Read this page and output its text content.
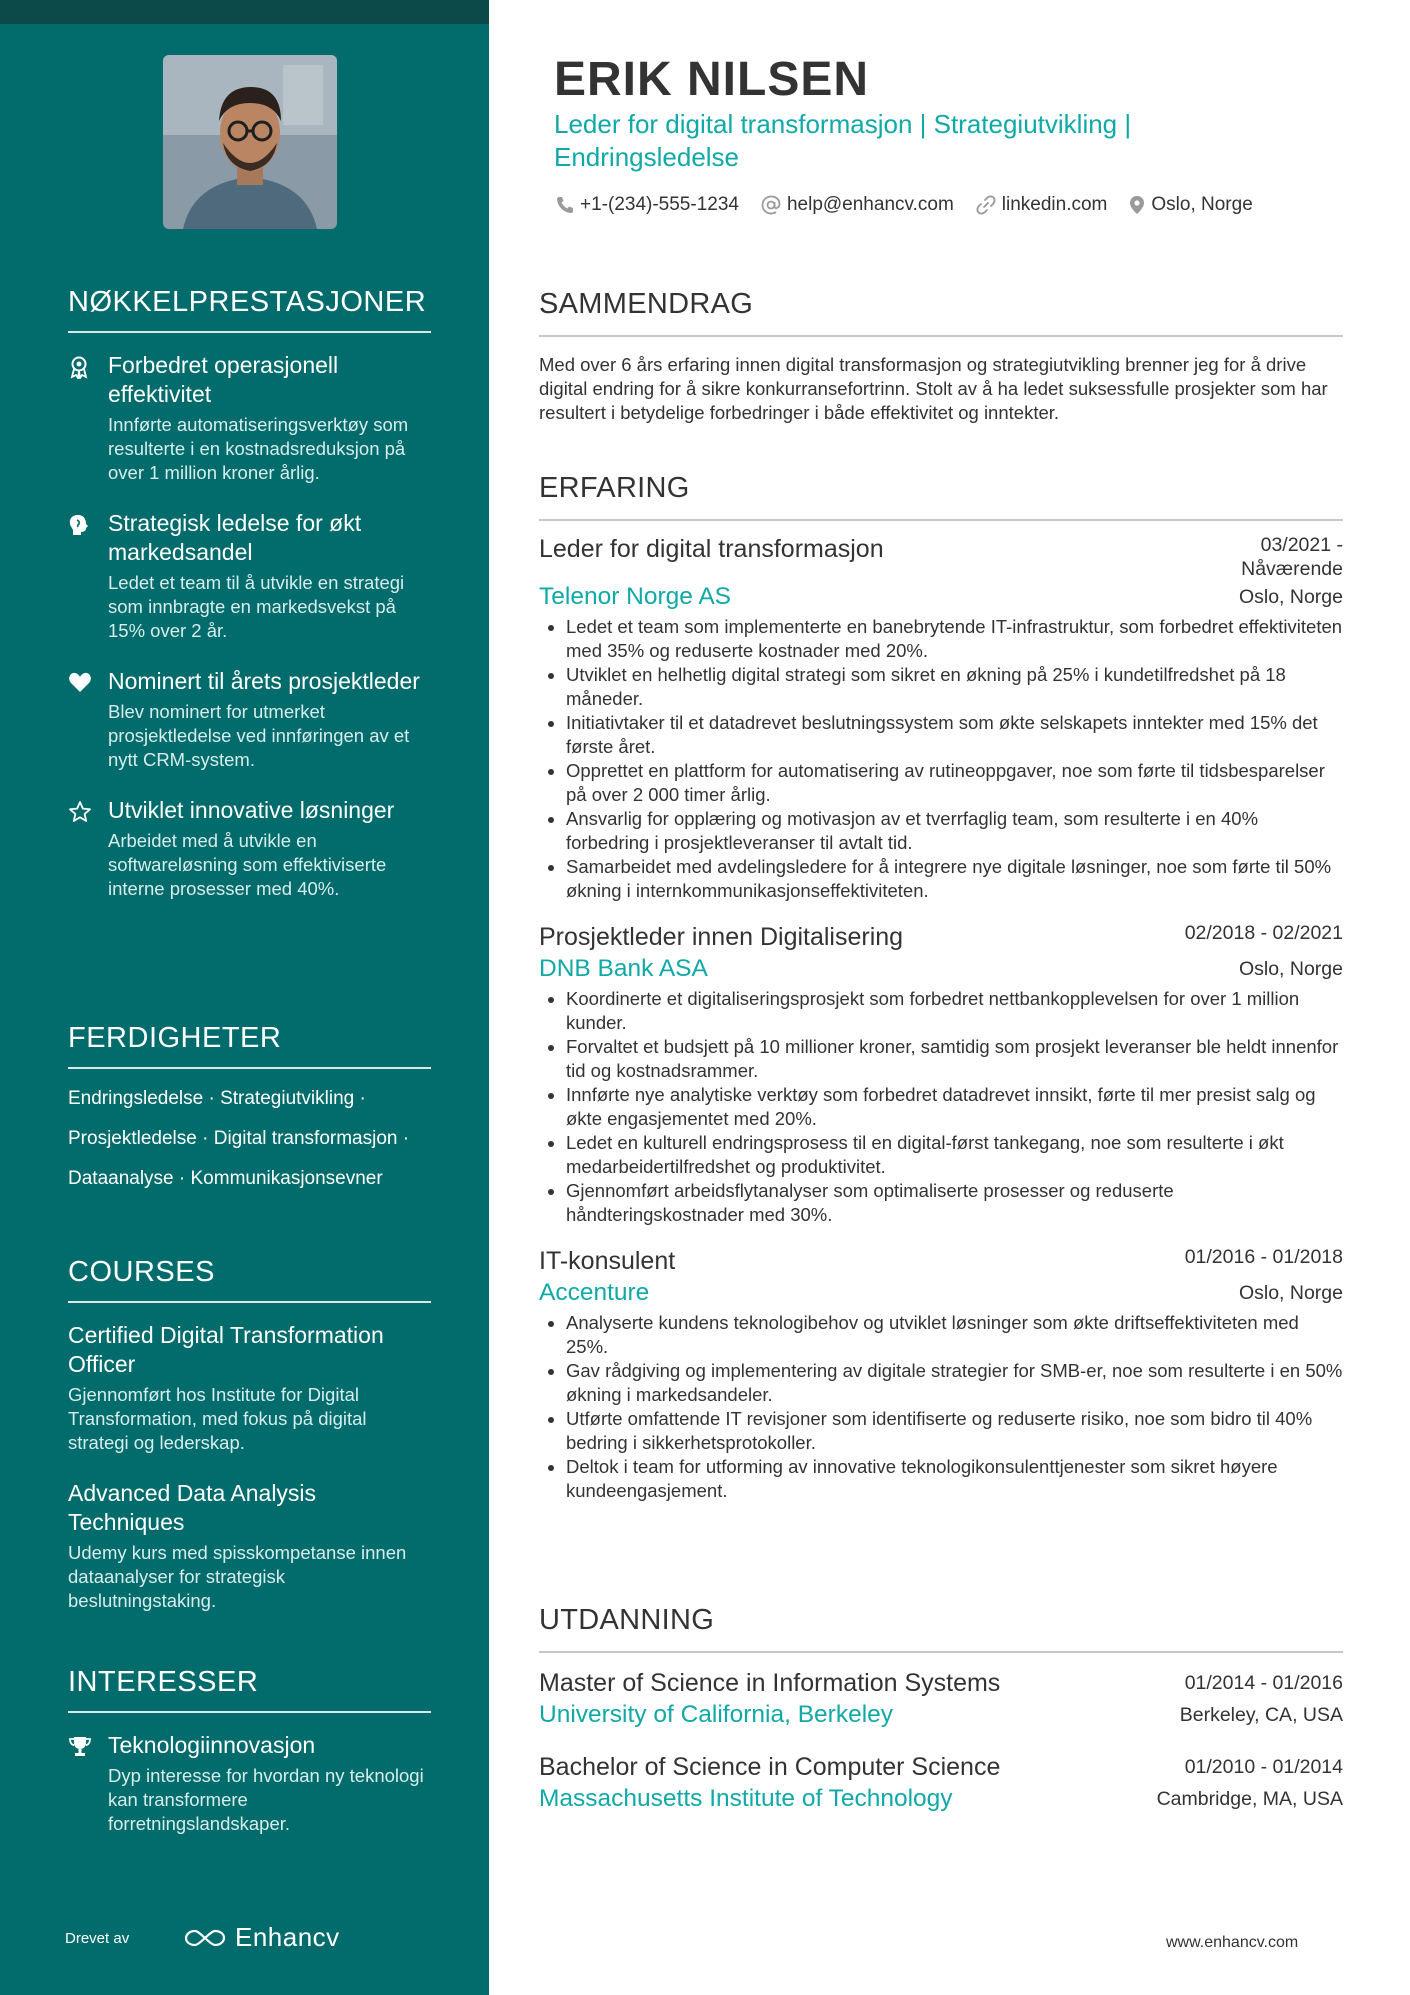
NØKKELPRESTASJONER
Forbedret operasjonell effektivitet
Innførte automatiseringsverktøy som resulterte i en kostnadsreduksjon på over 1 million kroner årlig.
Strategisk ledelse for økt markedsandel
Ledet et team til å utvikle en strategi som innbragte en markedsvekst på 15% over 2 år.
Nominert til årets prosjektleder
Blev nominert for utmerket prosjektledelse ved innføringen av et nytt CRM-system.
Utviklet innovative løsninger
Arbeidet med å utvikle en softwareløsning som effektiviserte interne prosesser med 40%.
FERDIGHETER
Endringsledelse · Strategiutvikling ·
Prosjektledelse · Digital transformasjon ·
Dataanalyse · Kommunikasjonsevner
COURSES
Certified Digital Transformation Officer
Gjennomført hos Institute for Digital Transformation, med fokus på digital strategi og lederskap.
Advanced Data Analysis Techniques
Udemy kurs med spisskompetanse innen dataanalyser for strategisk beslutningstaking.
INTERESSER
Teknologiinnovasjon
Dyp interesse for hvordan ny teknologi kan transformere forretningslandskaper.
Drevet av	Enhancv
ERIK NILSEN
Leder for digital transformasjon | Strategiutvikling | Endringsledelse
+1-(234)-555-1234	help@enhancv.com	linkedin.com Oslo, Norge
SAMMENDRAG
Med over 6 års erfaring innen digital transformasjon og strategiutvikling brenner jeg for å drive digital endring for å sikre konkurransefortrinn. Stolt av å ha ledet suksessfulle prosjekter som har resultert i betydelige forbedringer i både effektivitet og inntekter.
ERFARING
Leder for digital transformasjon	03/2021 - Nåværende
Telenor Norge AS	Oslo, Norge
• Ledet et team som implementerte en banebrytende IT-infrastruktur, som forbedret effektiviteten med 35% og reduserte kostnader med 20%.
• Utviklet en helhetlig digital strategi som sikret en økning på 25% i kundetilfredshet på 18 måneder.
• Initiativtaker til et datadrevet beslutningssystem som økte selskapets inntekter med 15% det første året.
• Opprettet en plattform for automatisering av rutineoppgaver, noe som førte til tidsbesparelser på over 2 000 timer årlig.
• Ansvarlig for opplæring og motivasjon av et tverrfaglig team, som resulterte i en 40% forbedring i prosjektleveranser til avtalt tid.
• Samarbeidet med avdelingsledere for å integrere nye digitale løsninger, noe som førte til 50% økning i internkommunikasjonseffektiviteten.
Prosjektleder innen Digitalisering	02/2018 - 02/2021
DNB Bank ASA	Oslo, Norge
• Koordinerte et digitaliseringsprosjekt som forbedret nettbankopplevelsen for over 1 million kunder.
• Forvaltet et budsjett på 10 millioner kroner, samtidig som prosjekt leveranser ble heldt innenfor tid og kostnadsrammer.
• Innførte nye analytiske verktøy som forbedret datadrevet innsikt, førte til mer presist salg og økte engasjementet med 20%.
• Ledet en kulturell endringsprosess til en digital-først tankegang, noe som resulterte i økt medarbeidertilfredshet og produktivitet.
• Gjennomført arbeidsflytanalyser som optimaliserte prosesser og reduserte håndteringskostnader med 30%.
IT-konsulent	01/2016 - 01/2018
Accenture	Oslo, Norge
• Analyserte kundens teknologibehov og utviklet løsninger som økte driftseffektiviteten med 25%.
• Gav rådgiving og implementering av digitale strategier for SMB-er, noe som resulterte i en 50% økning i markedsandeler.
• Utførte omfattende IT revisjoner som identifiserte og reduserte risiko, noe som bidro til 40% bedring i sikkerhetsprotokoller.
• Deltok i team for utforming av innovative teknologikonsulenttjenester som sikret høyere kundeengasjement.
UTDANNING
Master of Science in Information Systems	01/2014 - 01/2016
University of California, Berkeley	Berkeley, CA, USA
Bachelor of Science in Computer Science	01/2010 - 01/2014
Massachusetts Institute of Technology	Cambridge, MA, USA
www.enhancv.com
